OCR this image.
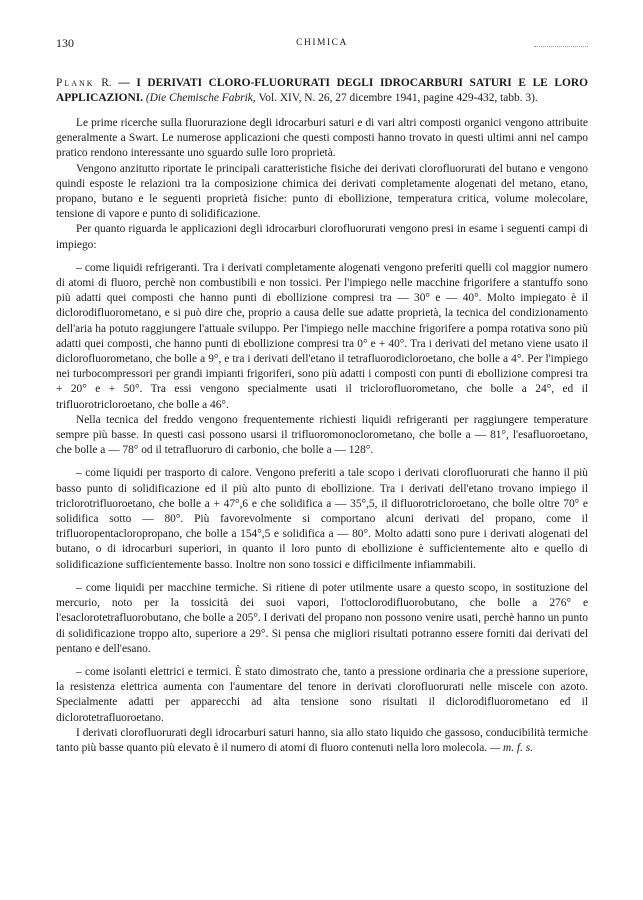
130	CHIMICA
Plank R. — I DERIVATI CLORO-FLUORURATI DEGLI IDROCARBURI SATURI E LE LORO APPLICAZIONI. (Die Chemische Fabrik, Vol. XIV, N. 26, 27 dicembre 1941, pagine 429-432, tabb. 3).

Le prime ricerche sulla fluorurazione degli idrocarburi saturi e di vari altri composti organici vengono attribuite generalmente a Swart. Le numerose applicazioni che questi composti hanno trovato in questi ultimi anni nel campo pratico rendono interessante uno sguardo sulle loro proprietà.

Vengono anzitutto riportate le principali caratteristiche fisiche dei derivati clorofluorurati del butano e vengono quindi esposte le relazioni tra la composizione chimica dei derivati completamente alogenati del metano, etano, propano, butano e le seguenti proprietà fisiche: punto di ebollizione, temperatura critica, volume molecolare, tensione di vapore e punto di solidificazione.

Per quanto riguarda le applicazioni degli idrocarburi clorofluorurati vengono presi in esame i seguenti campi di impiego:

– come liquidi refrigeranti. Tra i derivati completamente alogenati vengono preferiti quelli col maggior numero di atomi di fluoro, perchè non combustibili e non tossici. Per l'impiego nelle macchine frigorifere a stantuffo sono più adatti quei composti che hanno punti di ebollizione compresi tra — 30° e — 40°. Molto impiegato è il diclorodifluorometano, e si può dire che, proprio a causa delle sue adatte proprietà, la tecnica del condizionamento dell'aria ha potuto raggiungere l'attuale sviluppo. Per l'impiego nelle macchine frigorifere a pompa rotativa sono più adatti quei composti, che hanno punti di ebollizione compresi tra 0° e + 40°. Tra i derivati del metano viene usato il diclorofluorometano, che bolle a 9°, e tra i derivati dell'etano il tetrafluorodicloroetano, che bolle a 4°. Per l'impiego nei turbocompressori per grandi impianti frigoriferi, sono più adatti i composti con punti di ebollizione compresi tra + 20° e + 50°. Tra essi vengono specialmente usati il triclorofluorometano, che bolle a 24°, ed il trifluorotricloroetano, che bolle a 46°.

Nella tecnica del freddo vengono frequentemente richiesti liquidi refrigeranti per raggiungere temperature sempre più basse. In questi casi possono usarsi il trifluoromonoclorometano, che bolle a — 81°, l'esafluoroetano, che bolle a — 78° od il tetrafluoruro di carbonio, che bolle a — 128°.

– come liquidi per trasporto di calore. Vengono preferiti a tale scopo i derivati clorofluorurati che hanno il più basso punto di solidificazione ed il più alto punto di ebollizione. Tra i derivati dell'etano trovano impiego il triclorotrifluoroetano, che bolle a + 47°,6 e che solidifica a — 35°,5, il difluorotricloroetano, che bolle oltre 70° e solidifica sotto — 80°. Più favorevolmente si comportano alcuni derivati del propano, come il trifluoropentacloropropano, che bolle a 154°,5 e solidifica a — 80°. Molto adatti sono pure i derivati alogenati del butano, o di idrocarburi superiori, in quanto il loro punto di ebollizione è sufficientemente alto e quello di solidificazione sufficientemente basso. Inoltre non sono tossici e difficilmente infiammabili.

– come liquidi per macchine termiche. Si ritiene di poter utilmente usare a questo scopo, in sostituzione del mercurio, noto per la tossicità dei suoi vapori, l'ottoclorodifluorobutano, che bolle a 276° e l'esaclorotetrafluorobutano, che bolle a 205°. I derivati del propano non possono venire usati, perchè hanno un punto di solidificazione troppo alto, superiore a 29°. Si pensa che migliori risultati potranno essere forniti dai derivati del pentano e dell'esano.

– come isolanti elettrici e termici. È stato dimostrato che, tanto a pressione ordinaria che a pressione superiore, la resistenza elettrica aumenta con l'aumentare del tenore in derivati clorofluorurati nelle miscele con azoto. Specialmente adatti per apparecchi ad alta tensione sono risultati il diclorodifluorometano ed il diclorotetrafluoroetano.

I derivati clorofluorurati degli idrocarburi saturi hanno, sia allo stato liquido che gassoso, conducibilità termiche tanto più basse quanto più elevato è il numero di atomi di fluoro contenuti nella loro molecola. — m. f. s.
